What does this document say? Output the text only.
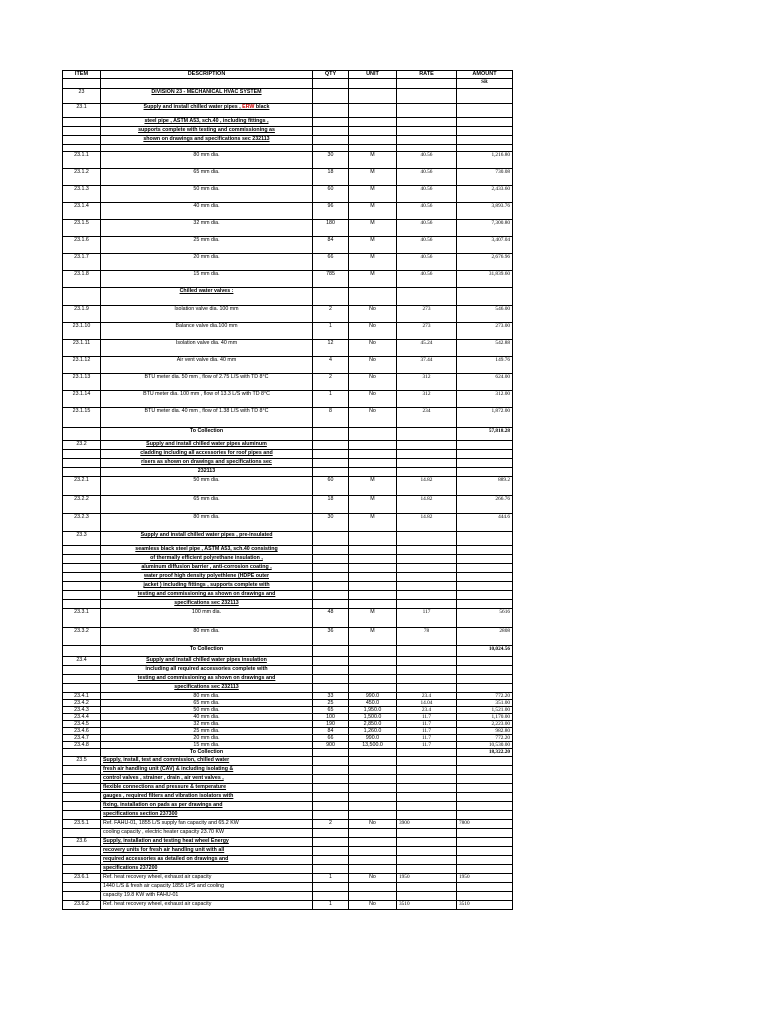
ITEM	DESCRIPTION	QTY	UNIT	RATE	AMOUNT
					SR
23	DIVISION 23 - MECHANICAL HVAC SYSTEM				
23.1	Supply and install chilled water pipes , ERW black				
	steel pipe , ASTM A53, sch.40 , including fittings ,				
	supports complete with testing and commissioning as				
	shown on drawings and specifications sec 232113				

23.1.1	80 mm dia.	30	M	40.56	1,216.80
23.1.2	65 mm dia.	18	M	40.56	730.08
23.1.3	50 mm dia.	60	M	40.56	2,433.60
23.1.4	40 mm dia.	96	M	40.56	3,893.76
23.1.5	32 mm dia.	180	M	40.56	7,300.80
23.1.6	25 mm dia.	84	M	40.56	3,407.04
23.1.7	20 mm dia.	66	M	40.56	2,676.96
23.1.8	15 mm dia.	785	M	40.56	31,839.60
	Chilled water valves :				
23.1.9	Isolation valve dia. 100 mm	2	No	273	546.00
23.1.10	Balance valve dia.100 mm	1	No	273	273.00
23.1.11	Isolation valve dia. 40 mm	12	No	45.24	542.88
23.1.12	Air vent valve dia. 40 mm	4	No	37.44	149.76
23.1.13	BTU meter dia. 50 mm , flow of 2.75 L/S with TD 8°C	2	No	312	624.00
23.1.14	BTU meter dia. 100 mm , flow of 13.3 L/S with TD 8°C	1	No	312	312.00
23.1.15	BTU meter dia. 40 mm , flow of 1.38 L/S with TD 8°C	8	No	234	1,872.00
	To Collection				57,818.28
23.2	Supply and install chilled water pipes aluminum				
	cladding including all accessories for roof pipes and				
	risers as shown on drawings and specifications sec				
	232113				
23.2.1	50 mm dia.	60	M	14.82	889.2
23.2.2	65 mm dia.	18	M	14.82	266.76
23.2.3	80 mm dia.	30	M	14.82	444.6
23.3	Supply and install chilled water pipes , pre-insulated				
	seamless black steel pipe , ASTM A53, sch.40 consisting				
	of thermally efficient polyrethane insulation ,				
	aluminum diffusion barrier , anti-corrosion coating ,				
	water proof high density polyethlene (HDPE outer				
	jacket ) including fittings , supports complete with				
	testing and commissioning as shown on drawings and				
	specifications sec 232113				
23.3.1	100 mm dia.	48	M	117	5616
23.3.2	80 mm dia.	36	M	78	2808
	To Collection				10,024.56
23.4	Supply and install chilled water pipes insulation				
	including all required accessories complete with				
	testing and commissioning as shown on drawings and				
	specifications sec 232113				
23.4.1	80 mm dia.	33	990.0	23.4	772.20
23.4.2	65 mm dia.	25	450.0	14.04	351.00
23.4.3	50 mm dia.	65	1,950.0	23.4	1,521.00
23.4.4	40 mm dia.	100	1,500.0	11.7	1,170.00
23.4.5	32 mm dia.	190	2,850.0	11.7	2,223.00
23.4.6	25 mm dia.	84	1,260.0	11.7	982.80
23.4.7	20 mm dia.	66	990.0	11.7	772.20
23.4.8	15 mm dia.	900	13,500.0	11.7	10,530.00
	To Collection				18,322.20
23.5	Supply, install, test and commission, chilled water				
	fresh air handling unit (CAV) & including isolating &				
	control valves , strainer , drain , air vent valves ,				
	flexible connections and pressure & temperature				
	gauges , required filters and vibration isolators with				
	fixing, installation on pads as per drawings and				
	specifications section 237300				
23.5.1	Ref. FAHU-01, 1855 L/S supply fan capacity and 65.2 KW	2	No	3900	7800
	cooling capacity , electric heater capacity 23.70 KW				
23.6	Supply, installation and testing heat wheel Energy				
	recovery units for fresh air handling unit with all				
	required accessories as detailed on drawings and				
	specifications 237200				
23.6.1	Ref. heat recovery wheel, exhaust air capacity	1	No	1950	1950
	1440 L/S & fresh air capacity 1855 LPS and cooling				
	capacity 19.8 KW with FAHU-01				
23.6.2	Ref. heat recovery wheel, exhaust air capacity	1	No	3510	3510
